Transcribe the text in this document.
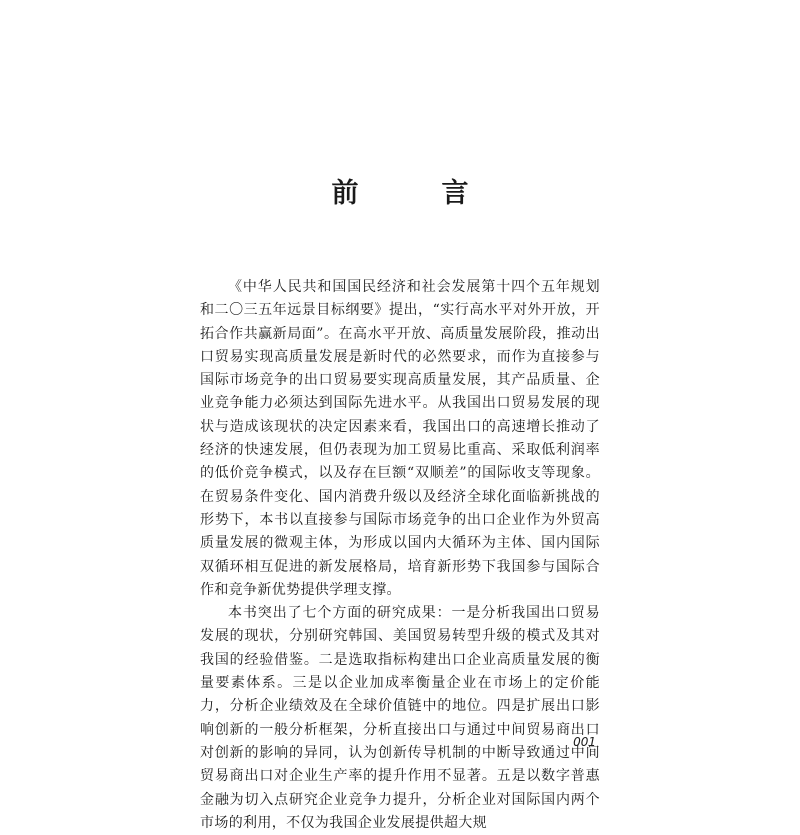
前　言

《中华人民共和国国民经济和社会发展第十四个五年规划和二〇三五年远景目标纲要》提出，“实行高水平对外开放，开拓合作共赢新局面”。在高水平开放、高质量发展阶段，推动出口贸易实现高质量发展是新时代的必然要求，而作为直接参与国际市场竞争的出口贸易要实现高质量发展，其产品质量、企业竞争能力必须达到国际先进水平。从我国出口贸易发展的现状与造成该现状的决定因素来看，我国出口的高速增长推动了经济的快速发展，但仍表现为加工贸易比重高、采取低利润率的低价竞争模式，以及存在巨额“双顺差”的国际收支等现象。在贸易条件变化、国内消费升级以及经济全球化面临新挑战的形势下，本书以直接参与国际市场竞争的出口企业作为外贸高质量发展的微观主体，为形成以国内大循环为主体、国内国际双循环相互促进的新发展格局，培育新形势下我国参与国际合作和竞争新优势提供学理支撑。

本书突出了七个方面的研究成果：一是分析我国出口贸易发展的现状，分别研究韩国、美国贸易转型升级的模式及其对我国的经验借鉴。二是选取指标构建出口企业高质量发展的衡量要素体系。三是以企业加成率衡量企业在市场上的定价能力，分析企业绩效及在全球价值链中的地位。四是扩展出口影响创新的一般分析框架，分析直接出口与通过中间贸易商出口对创新的影响的异同，认为创新传导机制的中断导致通过中间贸易商出口对企业生产率的提升作用不显著。五是以数字普惠金融为切入点研究企业竞争力提升，分析企业对国际国内两个市场的利用，不仅为我国企业发展提供超大规

001
